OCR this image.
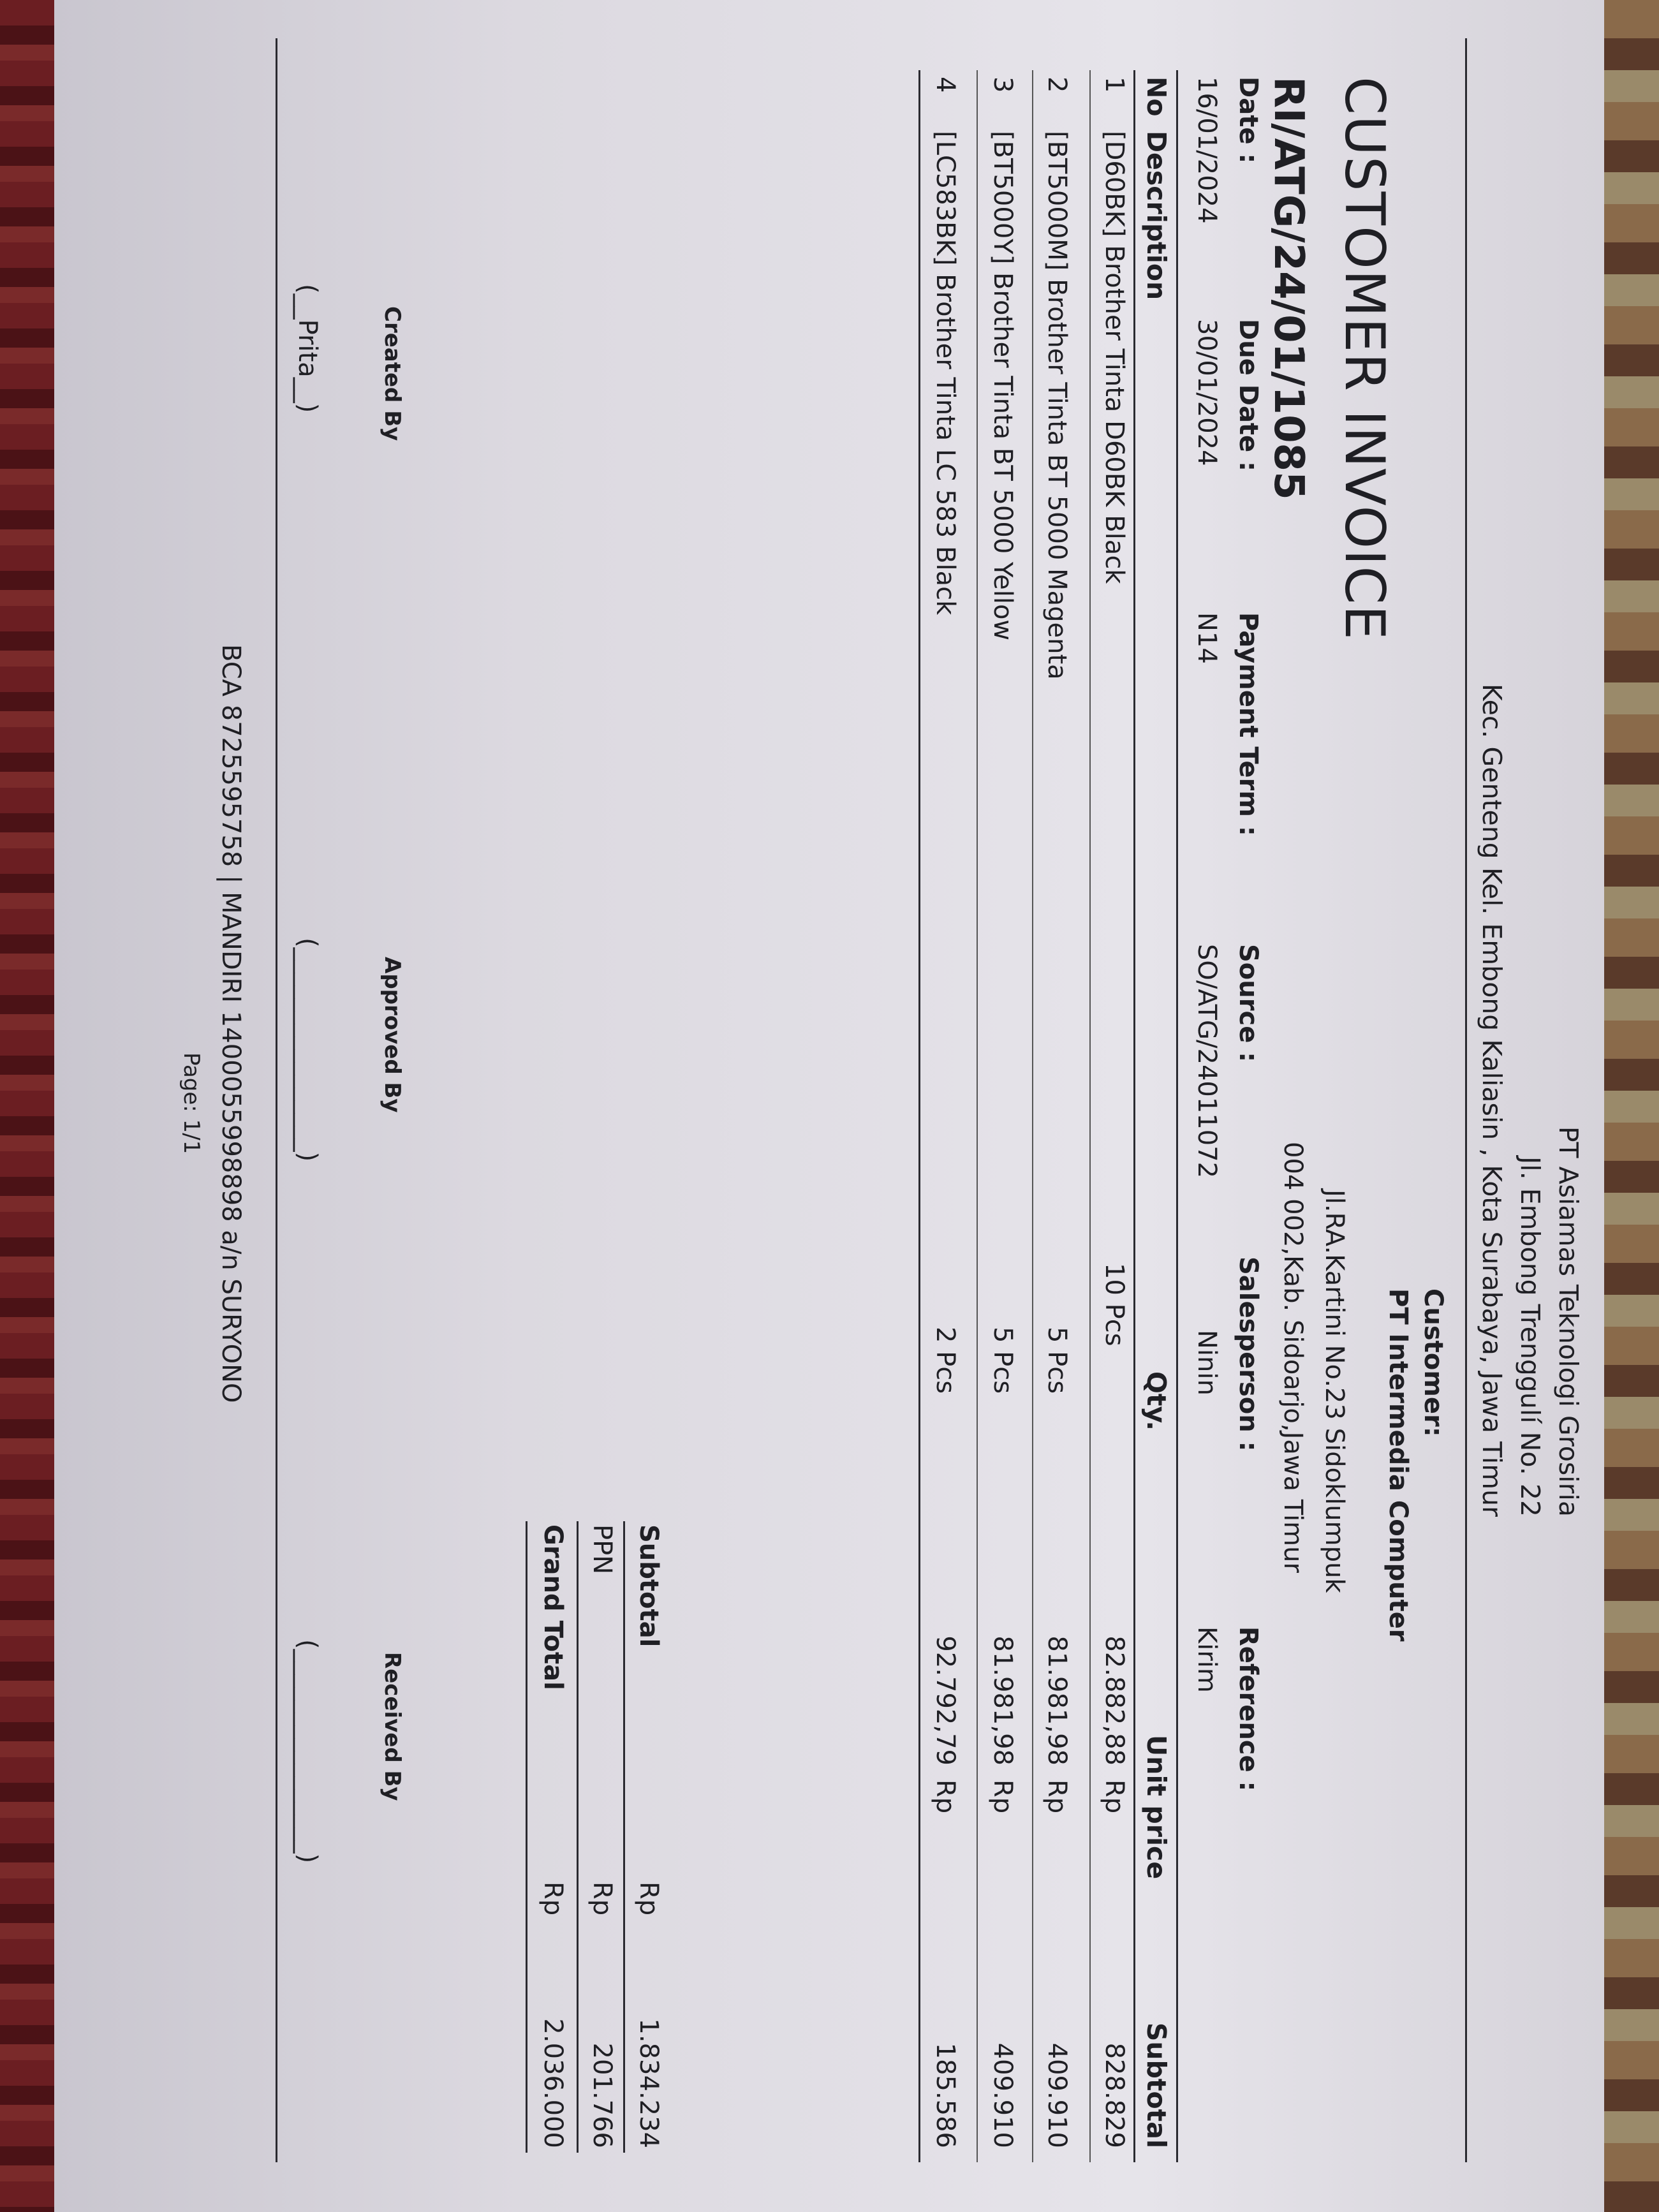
PT Asiamas Teknologi Grosiria
Jl. Embong Trenggulí No. 22
Kec. Genteng Kel. Embong Kaliasin , Kota Surabaya, Jawa Timur
Customer:
PT Intermedia Computer
Jl.RA.Kartini No.23 Sidoklumpuk
004 002,Kab. Sidoarjo,Jawa Timur
CUSTOMER INVOICE
RI/ATG/24/01/1085
Date :
16/01/2024
Due Date :
30/01/2024
Payment Term :
N14
Source :
SO/ATG/24011072
Salesperson :
Ninin
Reference :
Kirim
No
Description
Qty.
Unit price
Subtotal
1
[D60BK] Brother Tinta D60BK Black
10 Pcs
82.882,88
Rp
828.829
2
[BT5000M] Brother Tinta BT 5000 Magenta
5 Pcs
81.981,98
Rp
409.910
3
[BT5000Y] Brother Tinta BT 5000 Yellow
5 Pcs
81.981,98
Rp
409.910
4
[LC583BK] Brother Tinta LC 583 Black
2 Pcs
92.792,79
Rp
185.586
Subtotal
Rp
1.834.234
PPN
Rp
201.766
Grand Total
Rp
2.036.000
Created By
Approved By
Received By
(__Prita__)
(________________)
(________________)
BCA 8725595758 | MANDIRI 1400055998898 a/n SURYONO
Page: 1/1
